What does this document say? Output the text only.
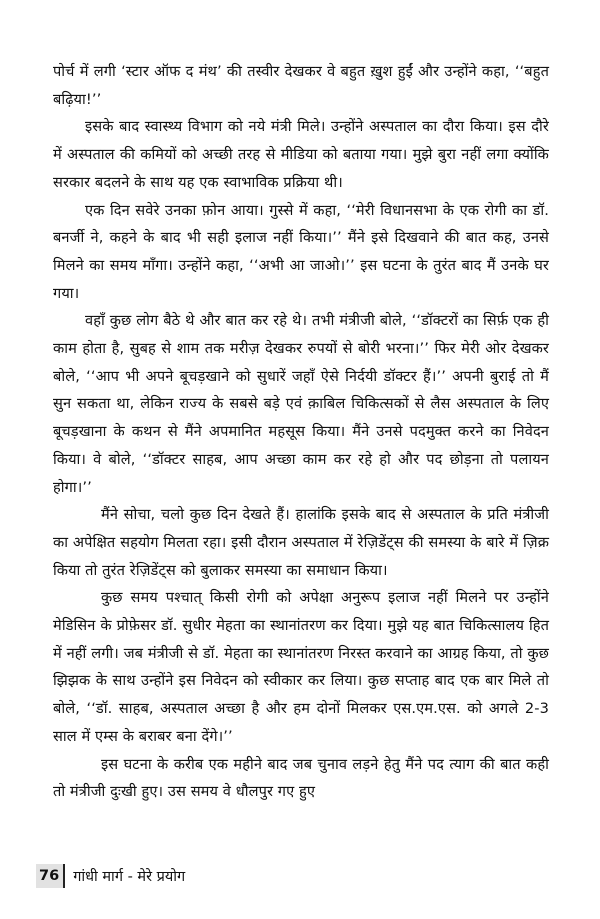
पोर्च में लगी ‘स्टार ऑफ द मंथ’ की तस्वीर देखकर वे बहुत ख़ुश हुईं और उन्होंने कहा, ‘‘बहुत बढ़िया!’’

इसके बाद स्वास्थ्य विभाग को नये मंत्री मिले। उन्होंने अस्पताल का दौरा किया। इस दौरे में अस्पताल की कमियों को अच्छी तरह से मीडिया को बताया गया। मुझे बुरा नहीं लगा क्योंकि सरकार बदलने के साथ यह एक स्वाभाविक प्रक्रिया थी।

एक दिन सवेरे उनका फ़ोन आया। गुस्से में कहा, ‘‘मेरी विधानसभा के एक रोगी का डॉ. बनर्जी ने, कहने के बाद भी सही इलाज नहीं किया।’’ मैंने इसे दिखवाने की बात कह, उनसे मिलने का समय माँगा। उन्होंने कहा, ‘‘अभी आ जाओ।’’ इस घटना के तुरंत बाद मैं उनके घर गया।

वहाँ कुछ लोग बैठे थे और बात कर रहे थे। तभी मंत्रीजी बोले, ‘‘डॉक्टरों का सिर्फ़ एक ही काम होता है, सुबह से शाम तक मरीज़ देखकर रुपयों से बोरी भरना।’’ फिर मेरी ओर देखकर बोले, ‘‘आप भी अपने बूचड़खाने को सुधारें जहाँ ऐसे निर्दयी डॉक्टर हैं।’’ अपनी बुराई तो मैं सुन सकता था, लेकिन राज्य के सबसे बड़े एवं क़ाबिल चिकित्सकों से लैस अस्पताल के लिए बूचड़खाना के कथन से मैंने अपमानित महसूस किया। मैंने उनसे पदमुक्त करने का निवेदन किया। वे बोले, ‘‘डॉक्टर साहब, आप अच्छा काम कर रहे हो और पद छोड़ना तो पलायन होगा।’’

मैंने सोचा, चलो कुछ दिन देखते हैं। हालांकि इसके बाद से अस्पताल के प्रति मंत्रीजी का अपेक्षित सहयोग मिलता रहा। इसी दौरान अस्पताल में रेज़िडेंट्स की समस्या के बारे में ज़िक्र किया तो तुरंत रेज़िडेंट्स को बुलाकर समस्या का समाधान किया।

कुछ समय पश्चात् किसी रोगी को अपेक्षा अनुरूप इलाज नहीं मिलने पर उन्होंने मेडिसिन के प्रोफ़ेसर डॉ. सुधीर मेहता का स्थानांतरण कर दिया। मुझे यह बात चिकित्सालय हित में नहीं लगी। जब मंत्रीजी से डॉ. मेहता का स्थानांतरण निरस्त करवाने का आग्रह किया, तो कुछ झिझक के साथ उन्होंने इस निवेदन को स्वीकार कर लिया। कुछ सप्ताह बाद एक बार मिले तो बोले, ‘‘डॉ. साहब, अस्पताल अच्छा है और हम दोनों मिलकर एस.एम.एस. को अगले 2-3 साल में एम्स के बराबर बना देंगे।’’

इस घटना के करीब एक महीने बाद जब चुनाव लड़ने हेतु मैंने पद त्याग की बात कही तो मंत्रीजी दुःखी हुए। उस समय वे धौलपुर गए हुए

76 गांधी मार्ग - मेरे प्रयोग
